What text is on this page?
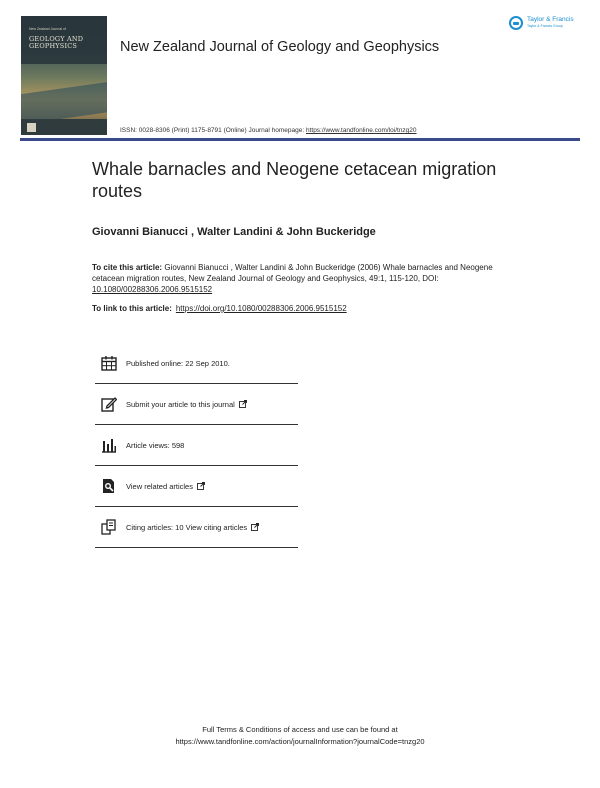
New Zealand Journal of
GEOLOGY AND GEOPHYSICS	New Zealand Journal of Geology and Geophysics
Taylor & Francis
Taylor & Francis Group
ISSN: 0028-8306 (Print) 1175-8791 (Online) Journal homepage: https://www.tandfonline.com/loi/tnzg20
Whale barnacles and Neogene cetacean migration routes
Giovanni Bianucci , Walter Landini & John Buckeridge
To cite this article: Giovanni Bianucci , Walter Landini & John Buckeridge (2006) Whale barnacles and Neogene cetacean migration routes, New Zealand Journal of Geology and Geophysics, 49:1, 115-120, DOI: 10.1080/00288306.2006.9515152
To link to this article: https://doi.org/10.1080/00288306.2006.9515152
Published online: 22 Sep 2010.
Submit your article to this journal
Article views: 598
View related articles
Citing articles: 10 View citing articles
Full Terms & Conditions of access and use can be found at
https://www.tandfonline.com/action/journalInformation?journalCode=tnzg20
